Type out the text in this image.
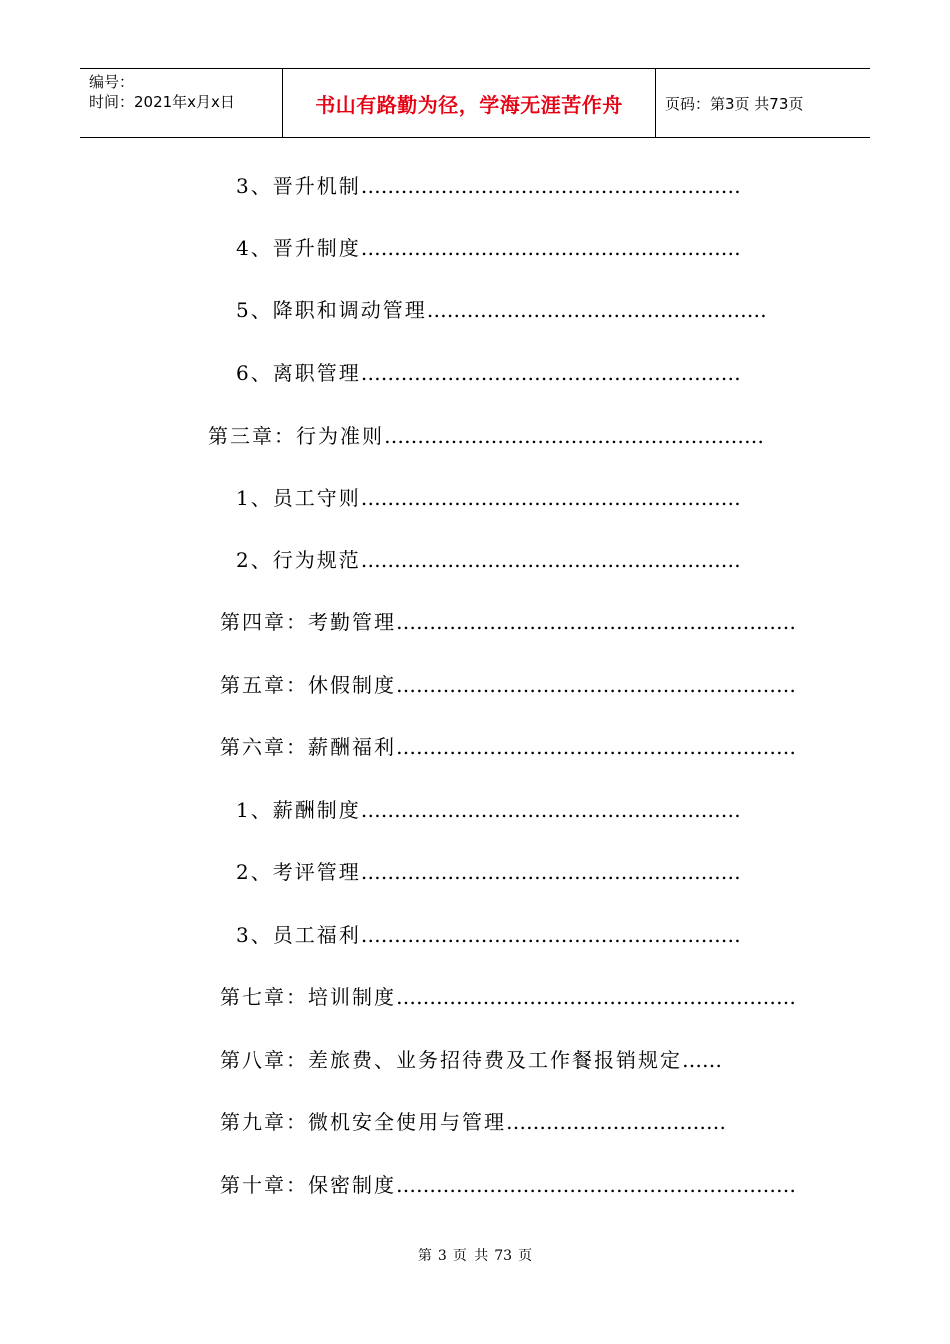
编号：
时间：2021年x月x日	书山有路勤为径，学海无涯苦作舟	页码：第3页 共73页
3、晋升机制…………………………………………………
4、晋升制度…………………………………………………
5、降职和调动管理……………………………………………
6、离职管理…………………………………………………
第三章：行为准则…………………………………………………
1、员工守则…………………………………………………
2、行为规范…………………………………………………
第四章：考勤管理……………………………………………………
第五章：休假制度……………………………………………………
第六章：薪酬福利……………………………………………………
1、薪酬制度…………………………………………………
2、考评管理…………………………………………………
3、员工福利…………………………………………………
第七章：培训制度……………………………………………………
第八章：差旅费、业务招待费及工作餐报销规定……
第九章：微机安全使用与管理……………………………
第十章：保密制度……………………………………………………
第 3 页 共 73 页
